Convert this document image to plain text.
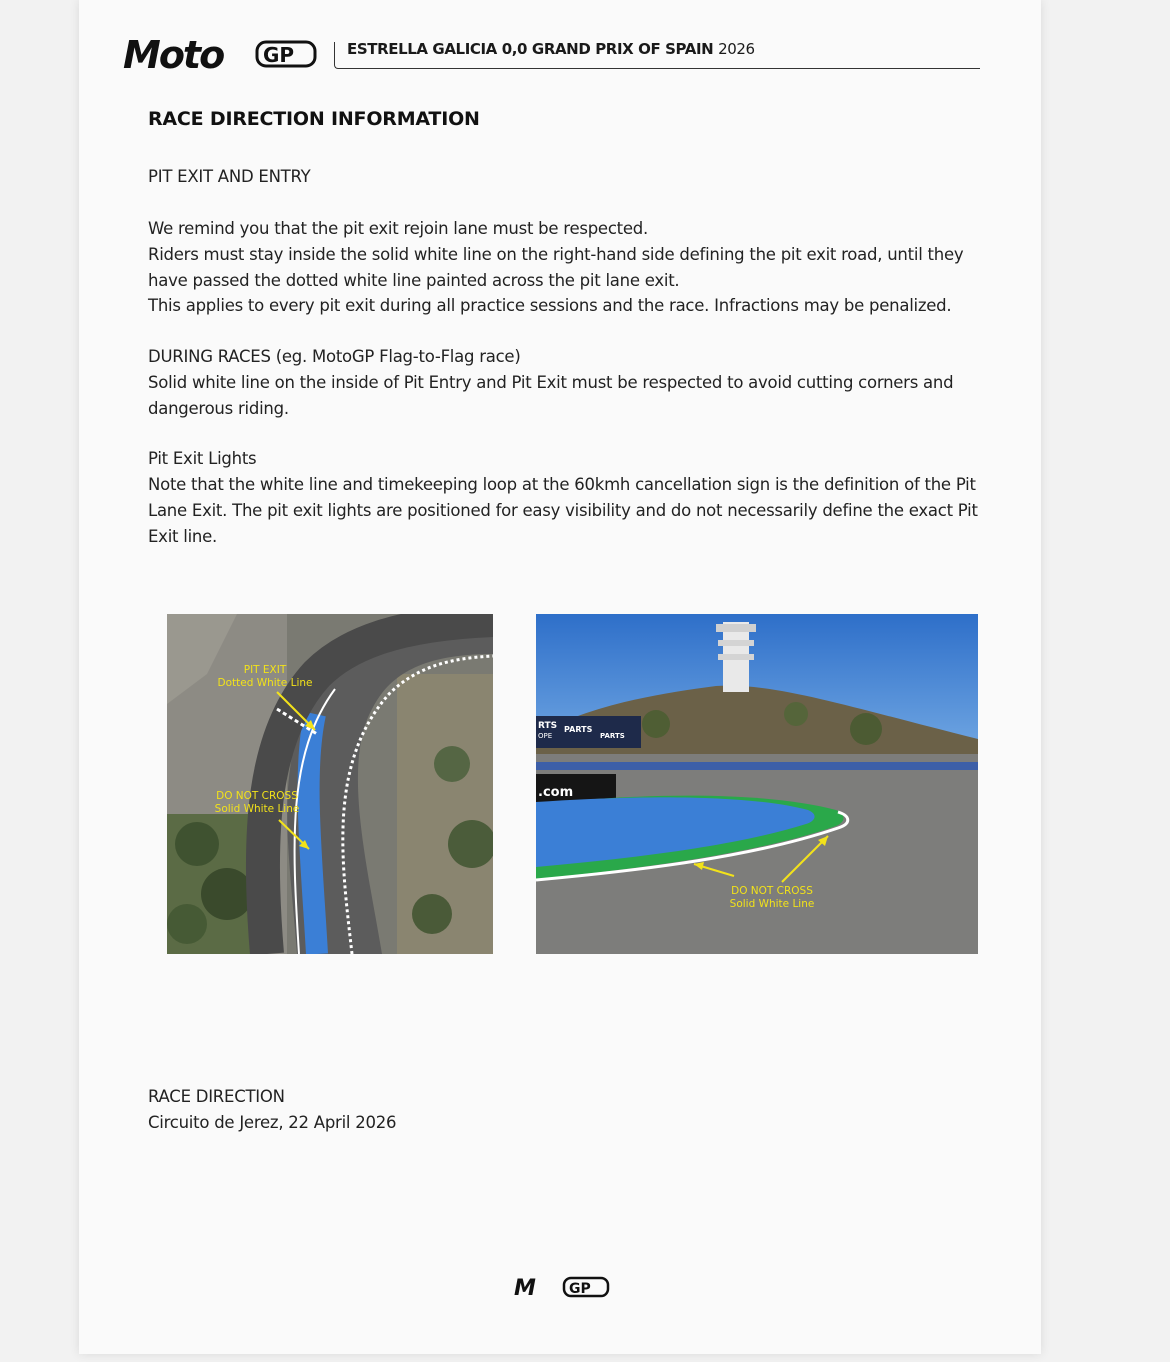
Moto GP	ESTRELLA GALICIA 0,0 GRAND PRIX OF SPAIN 2026
RACE DIRECTION INFORMATION
PIT EXIT AND ENTRY
We remind you that the pit exit rejoin lane must be respected.
Riders must stay inside the solid white line on the right-hand side defining the pit exit road, until they
have passed the dotted white line painted across the pit lane exit.
This applies to every pit exit during all practice sessions and the race. Infractions may be penalized.
DURING RACES (eg. MotoGP Flag-to-Flag race)
Solid white line on the inside of Pit Entry and Pit Exit must be respected to avoid cutting corners and
dangerous riding.
Pit Exit Lights
Note that the white line and timekeeping loop at the 60kmh cancellation sign is the definition of the Pit
Lane Exit. The pit exit lights are positioned for easy visibility and do not necessarily define the exact Pit
Exit line.
PIT EXIT
Dotted White Line
DO NOT CROSS
Solid White Line
RTS
OPE
PARTS
PARTS
.com
DO NOT CROSS
Solid White Line
RACE DIRECTION
Circuito de Jerez, 22 April 2026
M	GP
